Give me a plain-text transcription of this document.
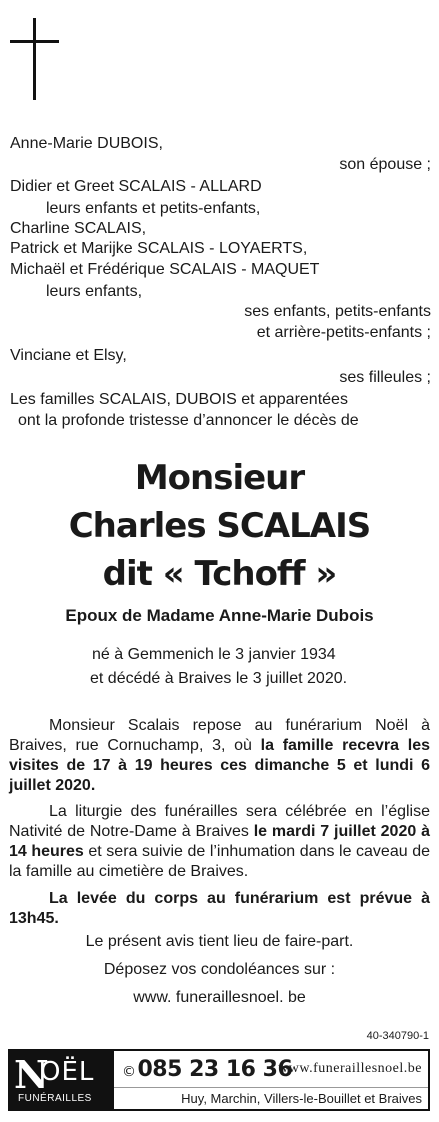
Anne-Marie DUBOIS,
son épouse ;
Didier et Greet SCALAIS - ALLARD
leurs enfants et petits-enfants,
Charline SCALAIS,
Patrick et Marijke SCALAIS - LOYAERTS,
Michaël et Frédérique SCALAIS - MAQUET
leurs enfants,
ses enfants, petits-enfants
et arrière-petits-enfants ;
Vinciane et Elsy,
ses filleules ;
Les familles SCALAIS, DUBOIS et apparentées
ont la profonde tristesse d’annoncer le décès de
Monsieur
Charles SCALAIS
dit « Tchoff »
Epoux de Madame Anne-Marie Dubois
né à Gemmenich le 3 janvier 1934
et décédé à Braives le 3 juillet 2020.
Monsieur Scalais repose au funérarium Noël à Braives, rue Cornuchamp, 3, où la famille recevra les visites de 17 à 19 heures ces dimanche 5 et lundi 6 juillet 2020.
La liturgie des funérailles sera célébrée en l’église Nativité de Notre-Dame à Braives le mardi 7 juillet 2020 à 14 heures et sera suivie de l’inhumation dans le caveau de la famille au cimetière de Braives.
La levée du corps au funérarium est prévue à 13h45.
Le présent avis tient lieu de faire-part.
Déposez vos condoléances sur :
www. funeraillesnoel. be
40-340790-1
N
OËL
FUNÉRAILLES
©085 23 16 36
www.funeraillesnoel.be
Huy, Marchin, Villers-le-Bouillet et Braives
